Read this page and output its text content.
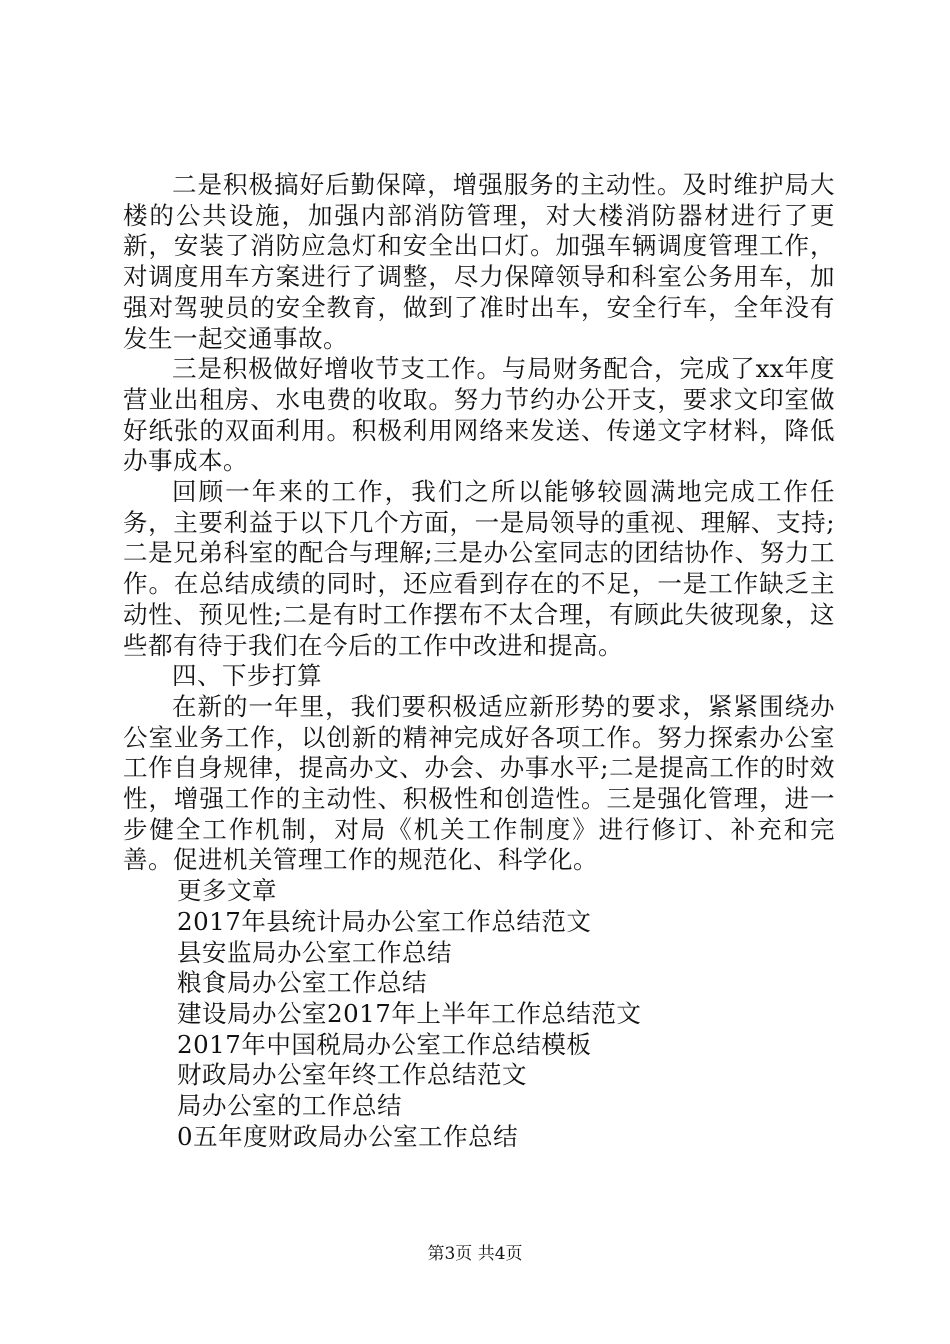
二是积极搞好后勤保障，增强服务的主动性。及时维护局大楼的公共设施，加强内部消防管理，对大楼消防器材进行了更新，安装了消防应急灯和安全出口灯。加强车辆调度管理工作，对调度用车方案进行了调整，尽力保障领导和科室公务用车，加强对驾驶员的安全教育，做到了准时出车，安全行车，全年没有发生一起交通事故。

三是积极做好增收节支工作。与局财务配合，完成了xx年度营业出租房、水电费的收取。努力节约办公开支，要求文印室做好纸张的双面利用。积极利用网络来发送、传递文字材料，降低办事成本。

回顾一年来的工作，我们之所以能够较圆满地完成工作任务，主要利益于以下几个方面，一是局领导的重视、理解、支持;二是兄弟科室的配合与理解;三是办公室同志的团结协作、努力工作。在总结成绩的同时，还应看到存在的不足，一是工作缺乏主动性、预见性;二是有时工作摆布不太合理，有顾此失彼现象，这些都有待于我们在今后的工作中改进和提高。

四、下步打算

在新的一年里，我们要积极适应新形势的要求，紧紧围绕办公室业务工作，以创新的精神完成好各项工作。努力探索办公室工作自身规律，提高办文、办会、办事水平;二是提高工作的时效性，增强工作的主动性、积极性和创造性。三是强化管理，进一步健全工作机制，对局《机关工作制度》进行修订、补充和完善。促进机关管理工作的规范化、科学化。

更多文章

2017年县统计局办公室工作总结范文
县安监局办公室工作总结
粮食局办公室工作总结
建设局办公室2017年上半年工作总结范文
2017年中国税局办公室工作总结模板
财政局办公室年终工作总结范文
局办公室的工作总结
0五年度财政局办公室工作总结
第3页 共4页
